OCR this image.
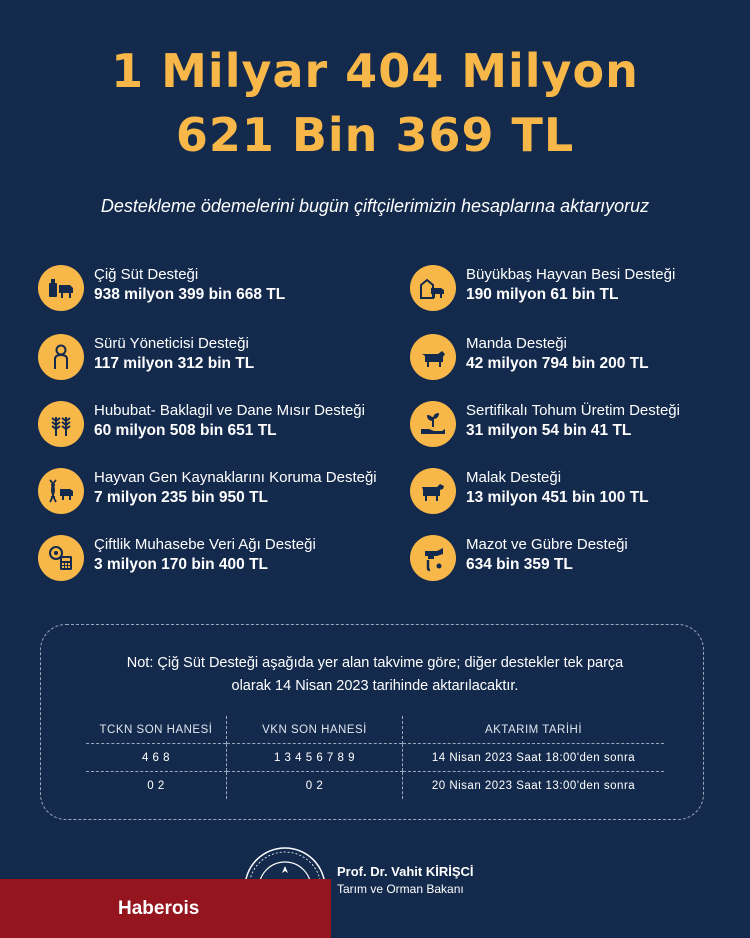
1 Milyar 404 Milyon
621 Bin 369 TL
Destekleme ödemelerini bugün çiftçilerimizin hesaplarına aktarıyoruz
Çiğ Süt Desteği
938 milyon 399 bin 668 TL
Sürü Yöneticisi Desteği
117 milyon 312 bin TL
Hububat- Baklagil ve Dane Mısır Desteği
60 milyon 508 bin 651 TL
Hayvan Gen Kaynaklarını Koruma Desteği
7 milyon 235 bin 950 TL
Çiftlik Muhasebe Veri Ağı Desteği
3 milyon 170 bin 400 TL
Büyükbaş Hayvan Besi Desteği
190 milyon 61 bin TL
Manda Desteği
42 milyon 794 bin 200 TL
Sertifikalı Tohum Üretim Desteği
31 milyon 54 bin 41 TL
Malak Desteği
13 milyon 451 bin 100 TL
Mazot ve Gübre Desteği
634 bin 359 TL
Not: Çiğ Süt Desteği aşağıda yer alan takvime göre; diğer destekler tek parça
olarak 14 Nisan 2023 tarihinde aktarılacaktır.
TCKN SON HANESİ	VKN SON HANESİ	AKTARIM TARİHİ
4 6 8	1 3 4 5 6 7 8 9	14 Nisan 2023 Saat 18:00'den sonra
0 2	0 2	20 Nisan 2023 Saat 13:00'den sonra
Prof. Dr. Vahit KİRİŞCİ
Tarım ve Orman Bakanı
Haberois
